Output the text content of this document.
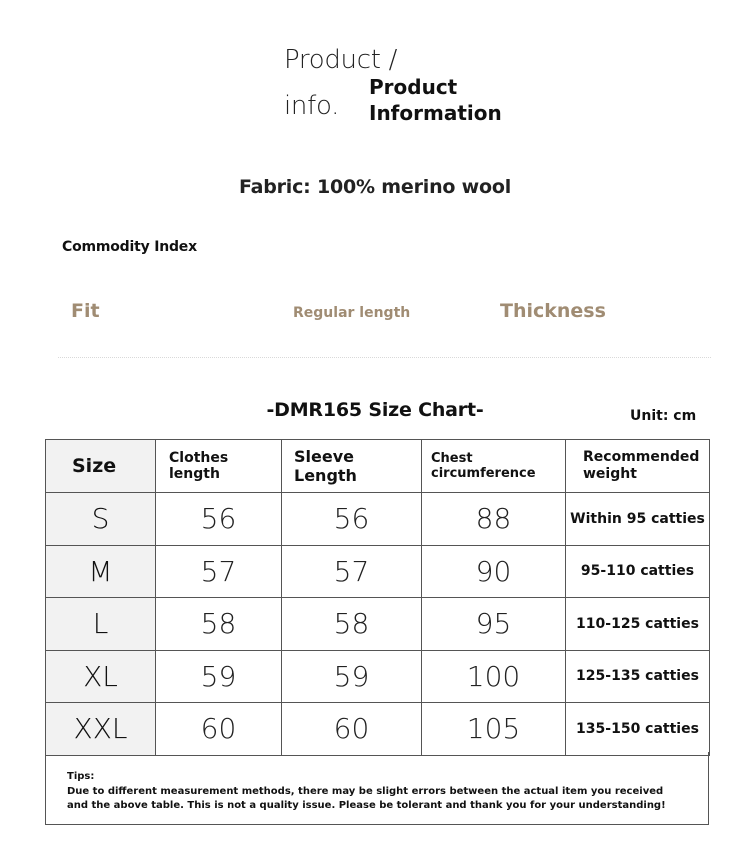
Product /
info.
Product
Information
Fabric: 100% merino wool
Commodity Index
Fit	Regular length	Thickness
-DMR165 Size Chart-	Unit: cm
Size	Clothes length	Sleeve Length	Chest circumference	Recommended weight
S	56	56	88	Within 95 catties
M	57	57	90	95-110 catties
L	58	58	95	110-125 catties
XL	59	59	100	125-135 catties
XXL	60	60	105	135-150 catties
Tips:
Due to different measurement methods, there may be slight errors between the actual item you received and the above table. This is not a quality issue. Please be tolerant and thank you for your understanding!
